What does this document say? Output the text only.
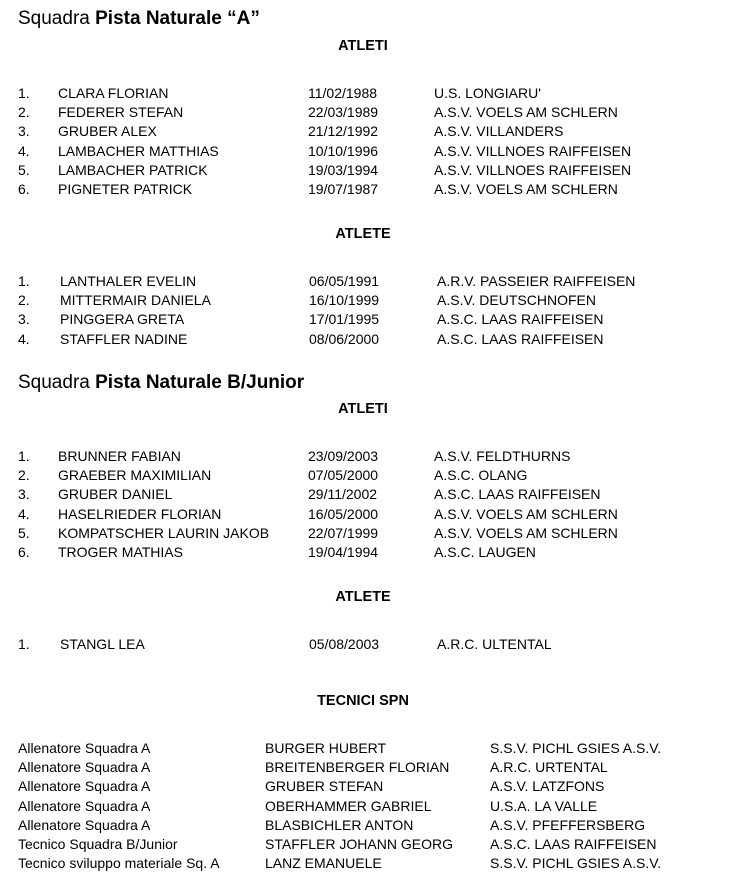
Squadra Pista Naturale “A”
ATLETI
1. CLARA FLORIAN	11/02/1988	U.S. LONGIARU'
2. FEDERER STEFAN	22/03/1989	A.S.V. VOELS AM SCHLERN
3. GRUBER ALEX	21/12/1992	A.S.V. VILLANDERS
4. LAMBACHER MATTHIAS	10/10/1996	A.S.V. VILLNOES RAIFFEISEN
5. LAMBACHER PATRICK	19/03/1994	A.S.V. VILLNOES RAIFFEISEN
6. PIGNETER PATRICK	19/07/1987	A.S.V. VOELS AM SCHLERN
ATLETE
1. LANTHALER EVELIN	06/05/1991	A.R.V. PASSEIER RAIFFEISEN
2. MITTERMAIR DANIELA	16/10/1999	A.S.V. DEUTSCHNOFEN
3. PINGGERA GRETA	17/01/1995	A.S.C. LAAS RAIFFEISEN
4. STAFFLER NADINE	08/06/2000	A.S.C. LAAS RAIFFEISEN
Squadra Pista Naturale B/Junior
ATLETI
1. BRUNNER FABIAN	23/09/2003	A.S.V. FELDTHURNS
2. GRAEBER MAXIMILIAN	07/05/2000	A.S.C. OLANG
3. GRUBER DANIEL	29/11/2002	A.S.C. LAAS RAIFFEISEN
4. HASELRIEDER FLORIAN	16/05/2000	A.S.V. VOELS AM SCHLERN
5. KOMPATSCHER LAURIN JAKOB	22/07/1999	A.S.V. VOELS AM SCHLERN
6. TROGER MATHIAS	19/04/1994	A.S.C. LAUGEN
ATLETE
1. STANGL LEA	05/08/2003	A.R.C. ULTENTAL
TECNICI SPN
Allenatore Squadra A	BURGER HUBERT	S.S.V. PICHL GSIES A.S.V.
Allenatore Squadra A	BREITENBERGER FLORIAN	A.R.C. URTENTAL
Allenatore Squadra A	GRUBER STEFAN	A.S.V. LATZFONS
Allenatore Squadra A	OBERHAMMER GABRIEL	U.S.A. LA VALLE
Allenatore Squadra A	BLASBICHLER ANTON	A.S.V. PFEFFERSBERG
Tecnico Squadra B/Junior	STAFFLER JOHANN GEORG	A.S.C. LAAS RAIFFEISEN
Tecnico sviluppo materiale Sq. A	LANZ EMANUELE	S.S.V. PICHL GSIES A.S.V.
